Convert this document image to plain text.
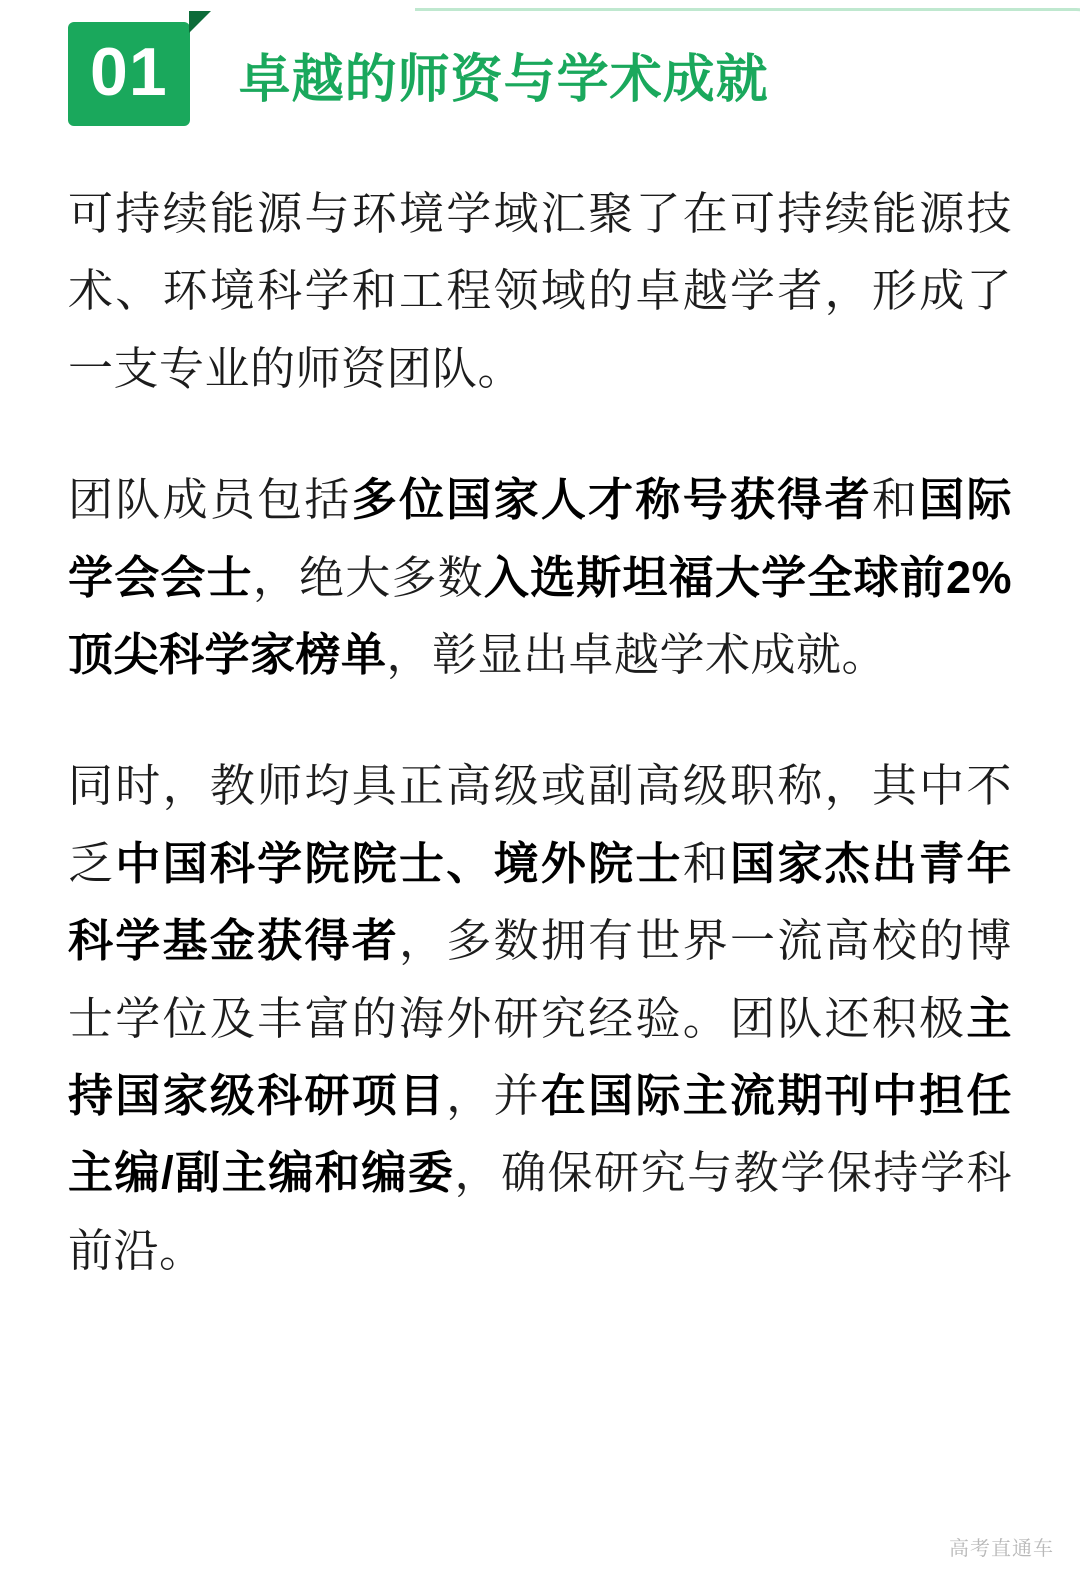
01	卓越的师资与学术成就

可持续能源与环境学域汇聚了在可持续能源技术、环境科学和工程领域的卓越学者，形成了一支专业的师资团队。

团队成员包括多位国家人才称号获得者和国际学会会士，绝大多数入选斯坦福大学全球前2%顶尖科学家榜单，彰显出卓越学术成就。

同时，教师均具正高级或副高级职称，其中不乏中国科学院院士、境外院士和国家杰出青年科学基金获得者，多数拥有世界一流高校的博士学位及丰富的海外研究经验。团队还积极主持国家级科研项目，并在国际主流期刊中担任主编/副主编和编委，确保研究与教学保持学科前沿。

高考直通车
